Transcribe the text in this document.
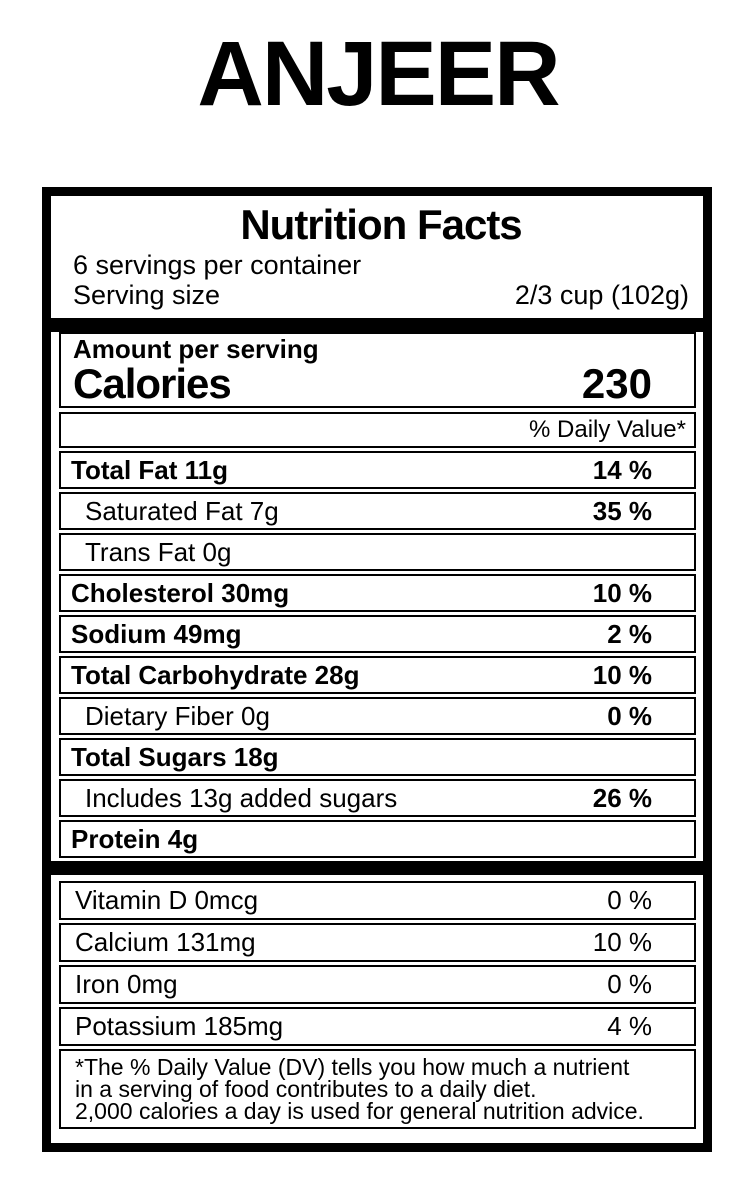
ANJEER
Nutrition Facts
6 servings per container
Serving size	2/3 cup (102g)
Amount per serving
Calories	230
% Daily Value*
Total Fat 11g	14 %
Saturated Fat 7g	35 %
Trans Fat 0g
Cholesterol 30mg	10 %
Sodium 49mg	2 %
Total Carbohydrate 28g	10 %
Dietary Fiber 0g	0 %
Total Sugars 18g
Includes 13g added sugars	26 %
Protein 4g
Vitamin D 0mcg	0 %
Calcium 131mg	10 %
Iron 0mg	0 %
Potassium 185mg	4 %
*The % Daily Value (DV) tells you how much a nutrient
in a serving of food contributes to a daily diet.
2,000 calories a day is used for general nutrition advice.
